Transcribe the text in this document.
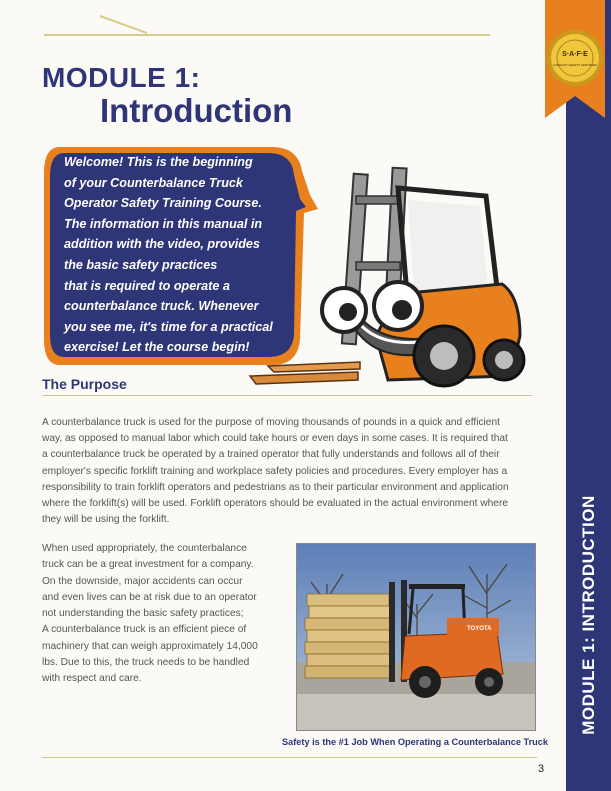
S·A·F·E
FORKLIFT SAFETY CERTIFIED
MODULE 1: INTRODUCTION
MODULE 1:
Introduction
Welcome! This is the beginning
of your Counterbalance Truck
Operator Safety Training Course.
The information in this manual in
addition with the video, provides
the basic safety practices
that is required to operate a
counterbalance truck. Whenever
you see me, it's time for a practical
exercise! Let the course begin!
The Purpose
A counterbalance truck is used for the purpose of moving thousands of pounds in a quick and efficient
way, as opposed to manual labor which could take hours or even days in some cases. It is required that
a counterbalance truck be operated by a trained operator that fully understands and follows all of their
employer's specific forklift training and workplace safety policies and procedures. Every employer has a
responsibility to train forklift operators and pedestrians as to their particular environment and application
where the forklift(s) will be used. Forklift operators should be evaluated in the actual environment where
they will be using the forklift.
When used appropriately, the counterbalance
truck can be a great investment for a company.
On the downside, major accidents can occur
and even lives can be at risk due to an operator
not understanding the basic safety practices;
A counterbalance truck is an efficient piece of
machinery that can weigh approximately 14,000
lbs. Due to this, the truck needs to be handled
with respect and care.
TOYOTA
Safety is the #1 Job When Operating a Counterbalance Truck
3
